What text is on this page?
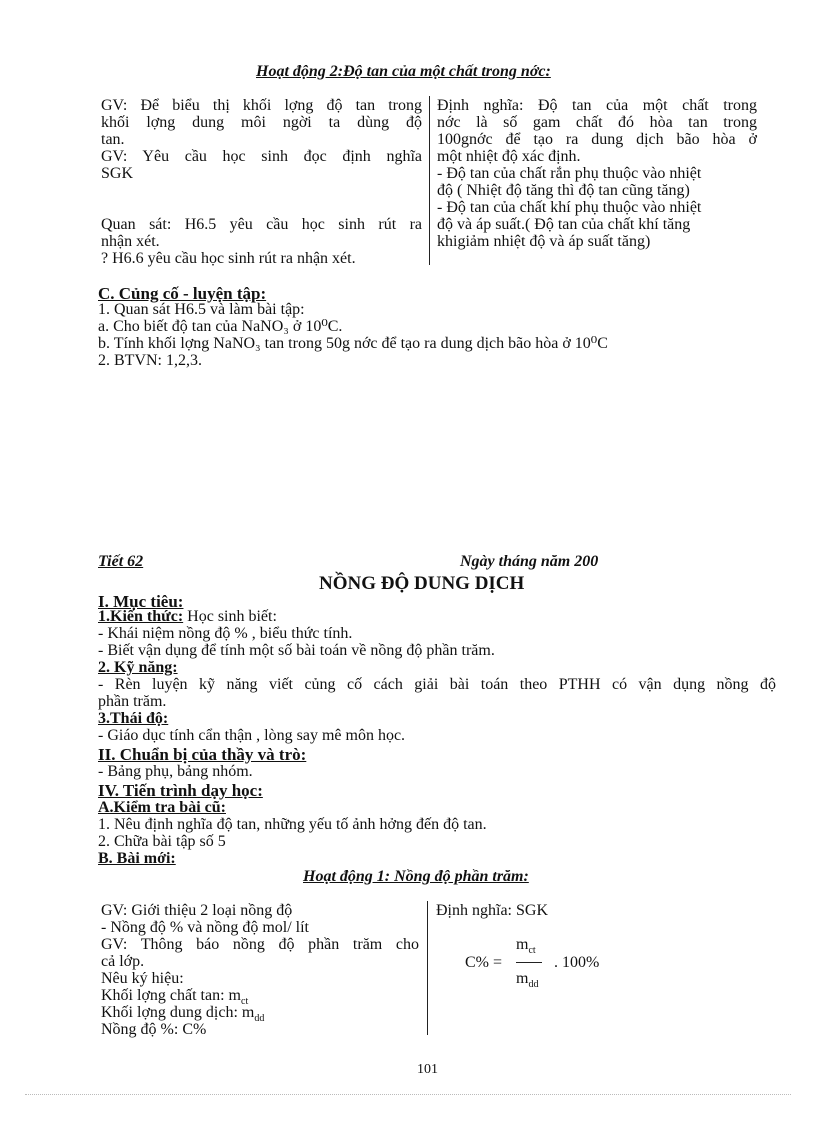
Hoạt động 2:Độ tan của một chất trong nớc:
GV: Để biểu thị khối lợng độ tan trong
khối lợng dung môi ngời ta dùng độ
tan.
GV: Yêu cầu học sinh đọc định nghĩa
SGK
Quan sát: H6.5 yêu cầu học sinh rút ra
nhận xét.
? H6.6 yêu cầu học sinh rút ra nhận xét.
Định nghĩa: Độ tan của một chất trong
nớc là số gam chất đó hòa tan trong
100gnớc để tạo ra dung dịch bão hòa ở
một nhiệt độ xác định.
- Độ tan của chất rắn phụ thuộc vào nhiệt
độ ( Nhiệt độ tăng thì độ tan cũng tăng)
- Độ tan của chất khí phụ thuộc vào nhiệt
độ và áp suất.( Độ tan của chất khí tăng
khigiảm nhiệt độ và áp suất tăng)
C. Củng cố - luyện tập:
1. Quan sát H6.5 và làm bài tập:
a. Cho biết độ tan của NaNO₃ ở 10⁰C.
b. Tính khối lợng NaNO₃ tan trong 50g nớc để tạo ra dung dịch bão hòa ở 10⁰C
2. BTVN: 1,2,3.
Tiết 62	Ngày tháng năm 200
NỒNG ĐỘ DUNG DỊCH
I. Mục tiêu:
1.Kiến thức: Học sinh biết:
- Khái niệm nồng độ % , biểu thức tính.
- Biết vận dụng để tính một số bài toán về nồng độ phần trăm.
2. Kỹ năng:
- Rèn luyện kỹ năng viết củng cố cách giải bài toán theo PTHH có vận dụng nồng độ
phần trăm.
3.Thái độ:
- Giáo dục tính cẩn thận , lòng say mê môn học.
II. Chuẩn bị của thầy và trò:
- Bảng phụ, bảng nhóm.
IV. Tiến trình dạy học:
A.Kiểm tra bài cũ:
1. Nêu định nghĩa độ tan, những yếu tố ảnh hởng đến độ tan.
2. Chữa bài tập số 5
B. Bài mới:
Hoạt động 1: Nồng độ phần trăm:
GV: Giới thiệu 2 loại nồng độ
- Nồng độ % và nồng độ mol/ lít
GV: Thông báo nồng độ phần trăm cho
cả lớp.
Nêu ký hiệu:
Khối lợng chất tan: $m_{ct}$
Khối lợng dung dịch: $m_{dd}$
Nồng độ %: C%
Định nghĩa: SGK
C% =
$m_{ct}$
$m_{dd}$
. 100%
101
